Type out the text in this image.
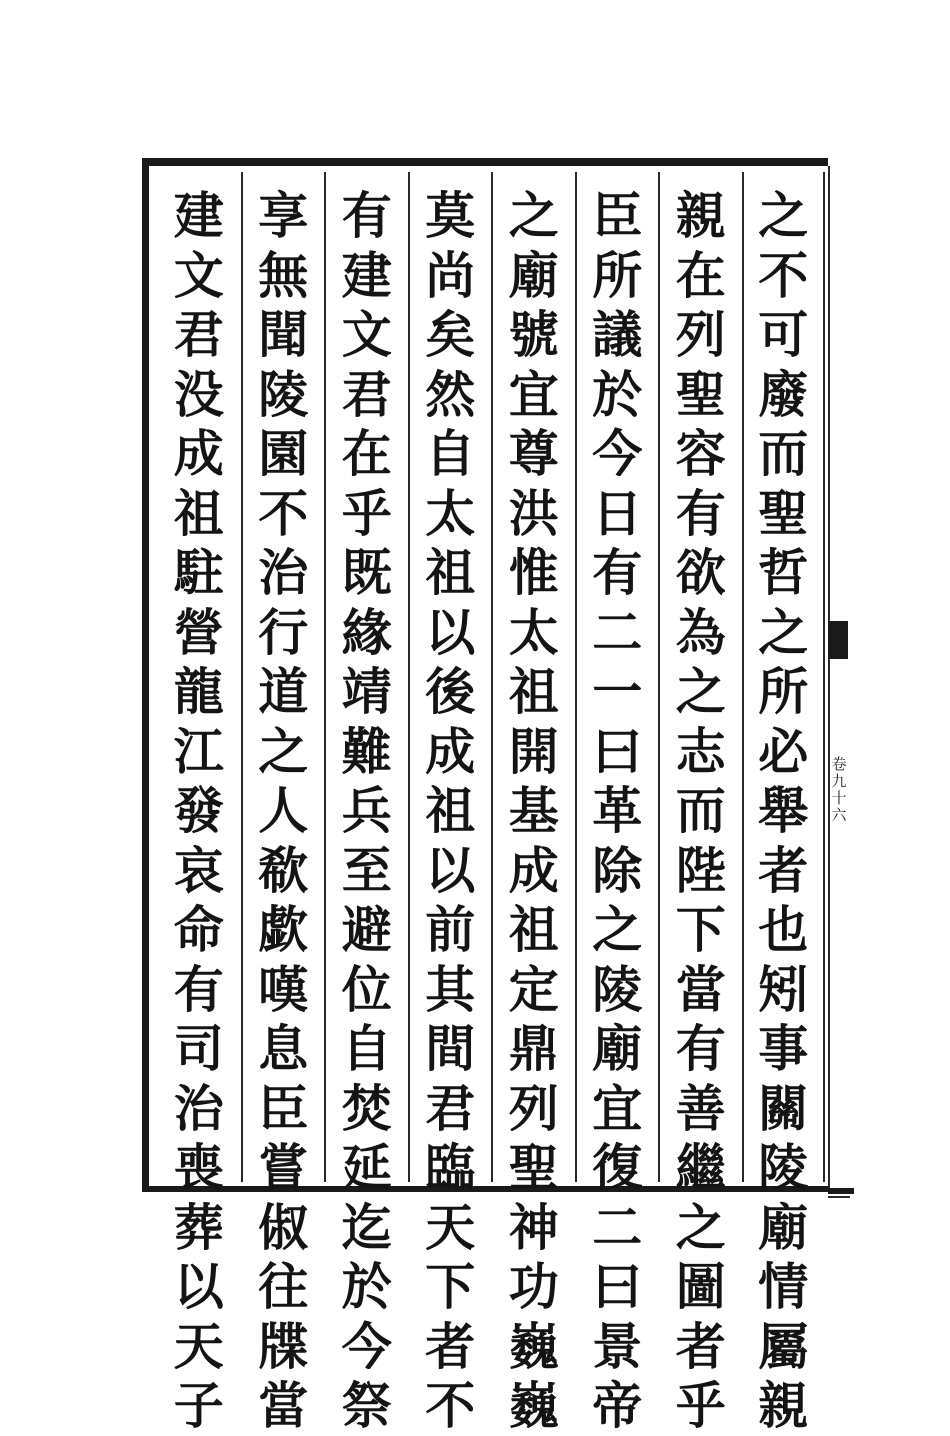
之
不
可
廢
而
聖
哲
之
所
必
舉
者
也
矧
事
關
陵
廟
情
屬
親
親
在
列
聖
容
有
欲
為
之
志
而
陛
下
當
有
善
繼
之
圖
者
乎
臣
所
議
於
今
日
有
二
一
曰
革
除
之
陵
廟
宜
復
二
曰
景
帝
之
廟
號
宜
尊
洪
惟
太
祖
開
基
成
祖
定
鼎
列
聖
神
功
巍
巍
莫
尚
矣
然
自
太
祖
以
後
成
祖
以
前
其
間
君
臨
天
下
者
不
有
建
文
君
在
乎
既
緣
靖
難
兵
至
避
位
自
焚
延
迄
於
今
祭
享
無
聞
陵
園
不
治
行
道
之
人
欷
歔
嘆
息
臣
嘗
俶
往
牒
當
建
文
君
没
成
祖
駐
營
龍
江
發
哀
命
有
司
治
喪
葬
以
天
子
卷
九
十
六
